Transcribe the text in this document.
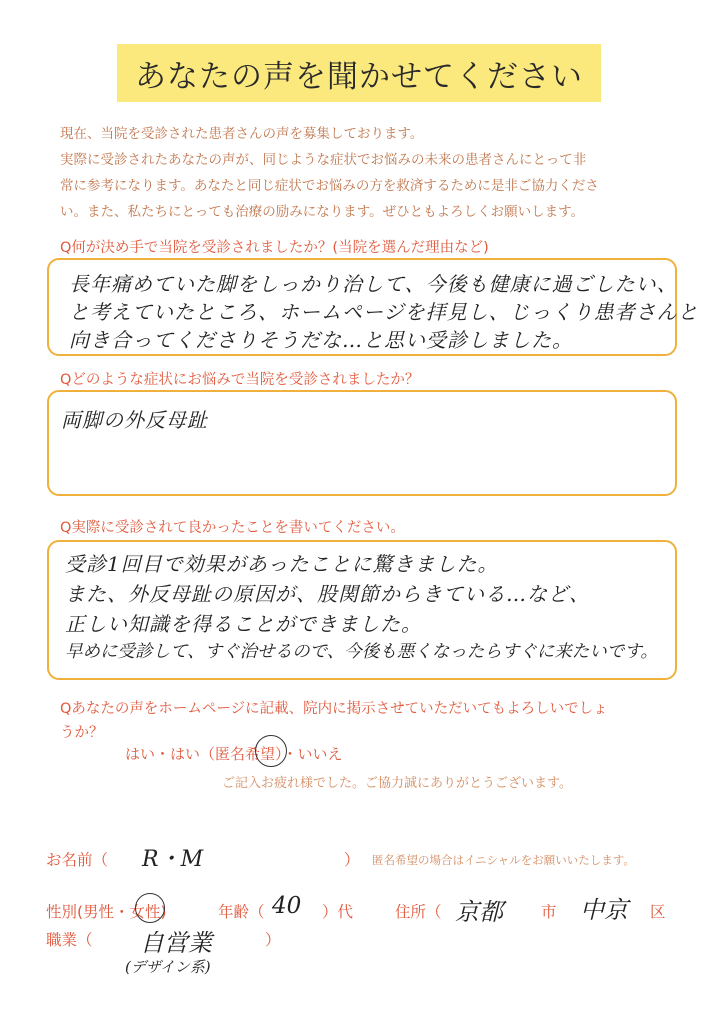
あなたの声を聞かせてください
現在、当院を受診された患者さんの声を募集しております。
実際に受診されたあなたの声が、同じような症状でお悩みの未来の患者さんにとって非
常に参考になります。あなたと同じ症状でお悩みの方を救済するために是非ご協力くださ
い。また、私たちにとっても治療の励みになります。ぜひともよろしくお願いします。
Q何が決め手で当院を受診されましたか？(当院を選んだ理由など)
長年痛めていた脚をしっかり治して、今後も健康に過ごしたい、
と考えていたところ、ホームページを拝見し、じっくり患者さんと
向き合ってくださりそうだな…と思い受診しました。
Qどのような症状にお悩みで当院を受診されましたか？
両脚の外反母趾
Q実際に受診されて良かったことを書いてください。
受診1回目で効果があったことに驚きました。
また、外反母趾の原因が、股関節からきている…など、
正しい知識を得ることができました。
早めに受診して、すぐ治せるので、今後も悪くなったらすぐに来たいです。
Qあなたの声をホームページに記載、院内に掲示させていただいてもよろしいでしょ
うか？
はい・はい（匿名希望）・いいえ
ご記入お疲れ様でした。ご協力誠にありがとうございます。
お名前（ R・M	） 匿名希望の場合はイニシャルをお願いいたします。
性別(男性・女性)	年齢（ 40 ）代	住所（ 京都 市 中京 区
職業（ 自営業	）
(デザイン系)
